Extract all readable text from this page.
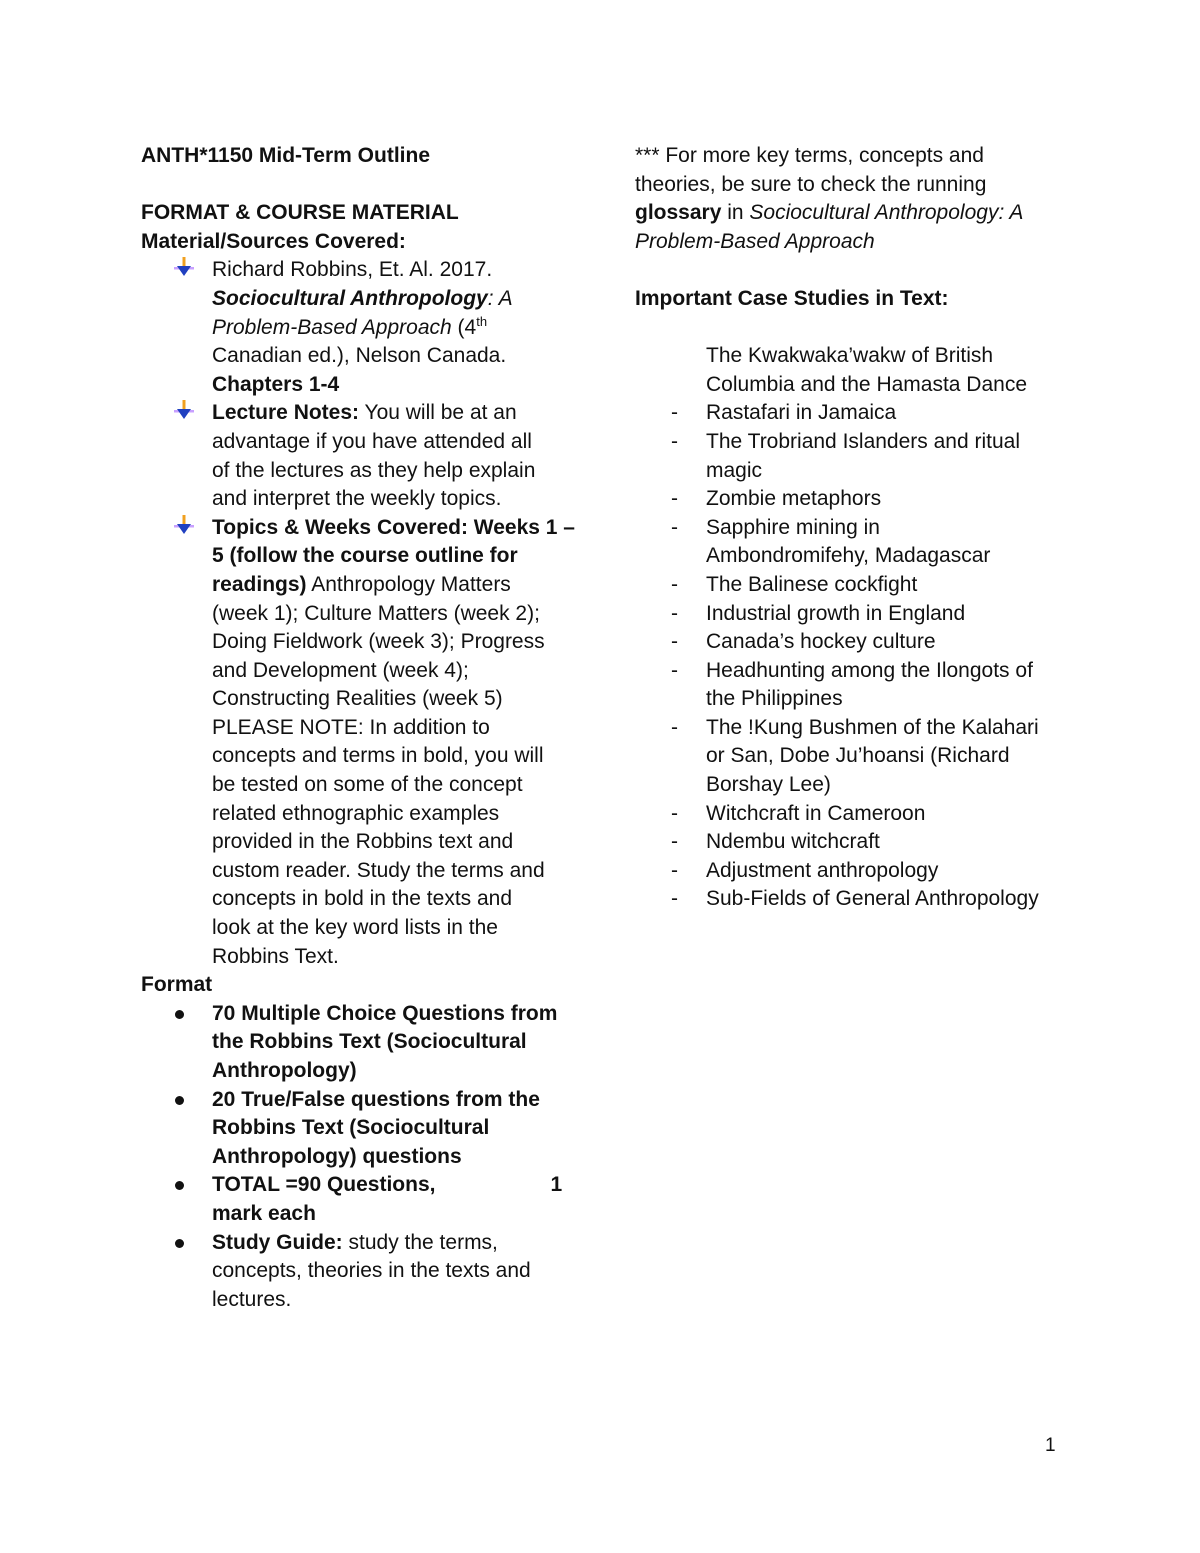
ANTH*1150 Mid-Term Outline
FORMAT & COURSE MATERIAL
Material/Sources Covered:
Richard Robbins, Et. Al. 2017.
Sociocultural Anthropology: A
Problem-Based Approach (4th
Canadian ed.), Nelson Canada.
Chapters 1-4
Lecture Notes: You will be at an
advantage if you have attended all
of the lectures as they help explain
and interpret the weekly topics.
Topics & Weeks Covered: Weeks 1 –
5 (follow the course outline for
readings) Anthropology Matters
(week 1); Culture Matters (week 2);
Doing Fieldwork (week 3); Progress
and Development (week 4);
Constructing Realities (week 5)
PLEASE NOTE: In addition to
concepts and terms in bold, you will
be tested on some of the concept
related ethnographic examples
provided in the Robbins text and
custom reader. Study the terms and
concepts in bold in the texts and
look at the key word lists in the
Robbins Text.
Format
70 Multiple Choice Questions from
the Robbins Text (Sociocultural
Anthropology)
20 True/False questions from the
Robbins Text (Sociocultural
Anthropology) questions
TOTAL =90 Questions,	1
mark each
Study Guide: study the terms,
concepts, theories in the texts and
lectures.
*** For more key terms, concepts and
theories, be sure to check the running
glossary in Sociocultural Anthropology: A
Problem-Based Approach
Important Case Studies in Text:
The Kwakwaka’wakw of British
Columbia and the Hamasta Dance
- Rastafari in Jamaica
- The Trobriand Islanders and ritual
magic
- Zombie metaphors
- Sapphire mining in
Ambondromifehy, Madagascar
- The Balinese cockfight
- Industrial growth in England
- Canada’s hockey culture
- Headhunting among the Ilongots of
the Philippines
- The !Kung Bushmen of the Kalahari
or San, Dobe Ju’hoansi (Richard
Borshay Lee)
- Witchcraft in Cameroon
- Ndembu witchcraft
- Adjustment anthropology
- Sub-Fields of General Anthropology
1
